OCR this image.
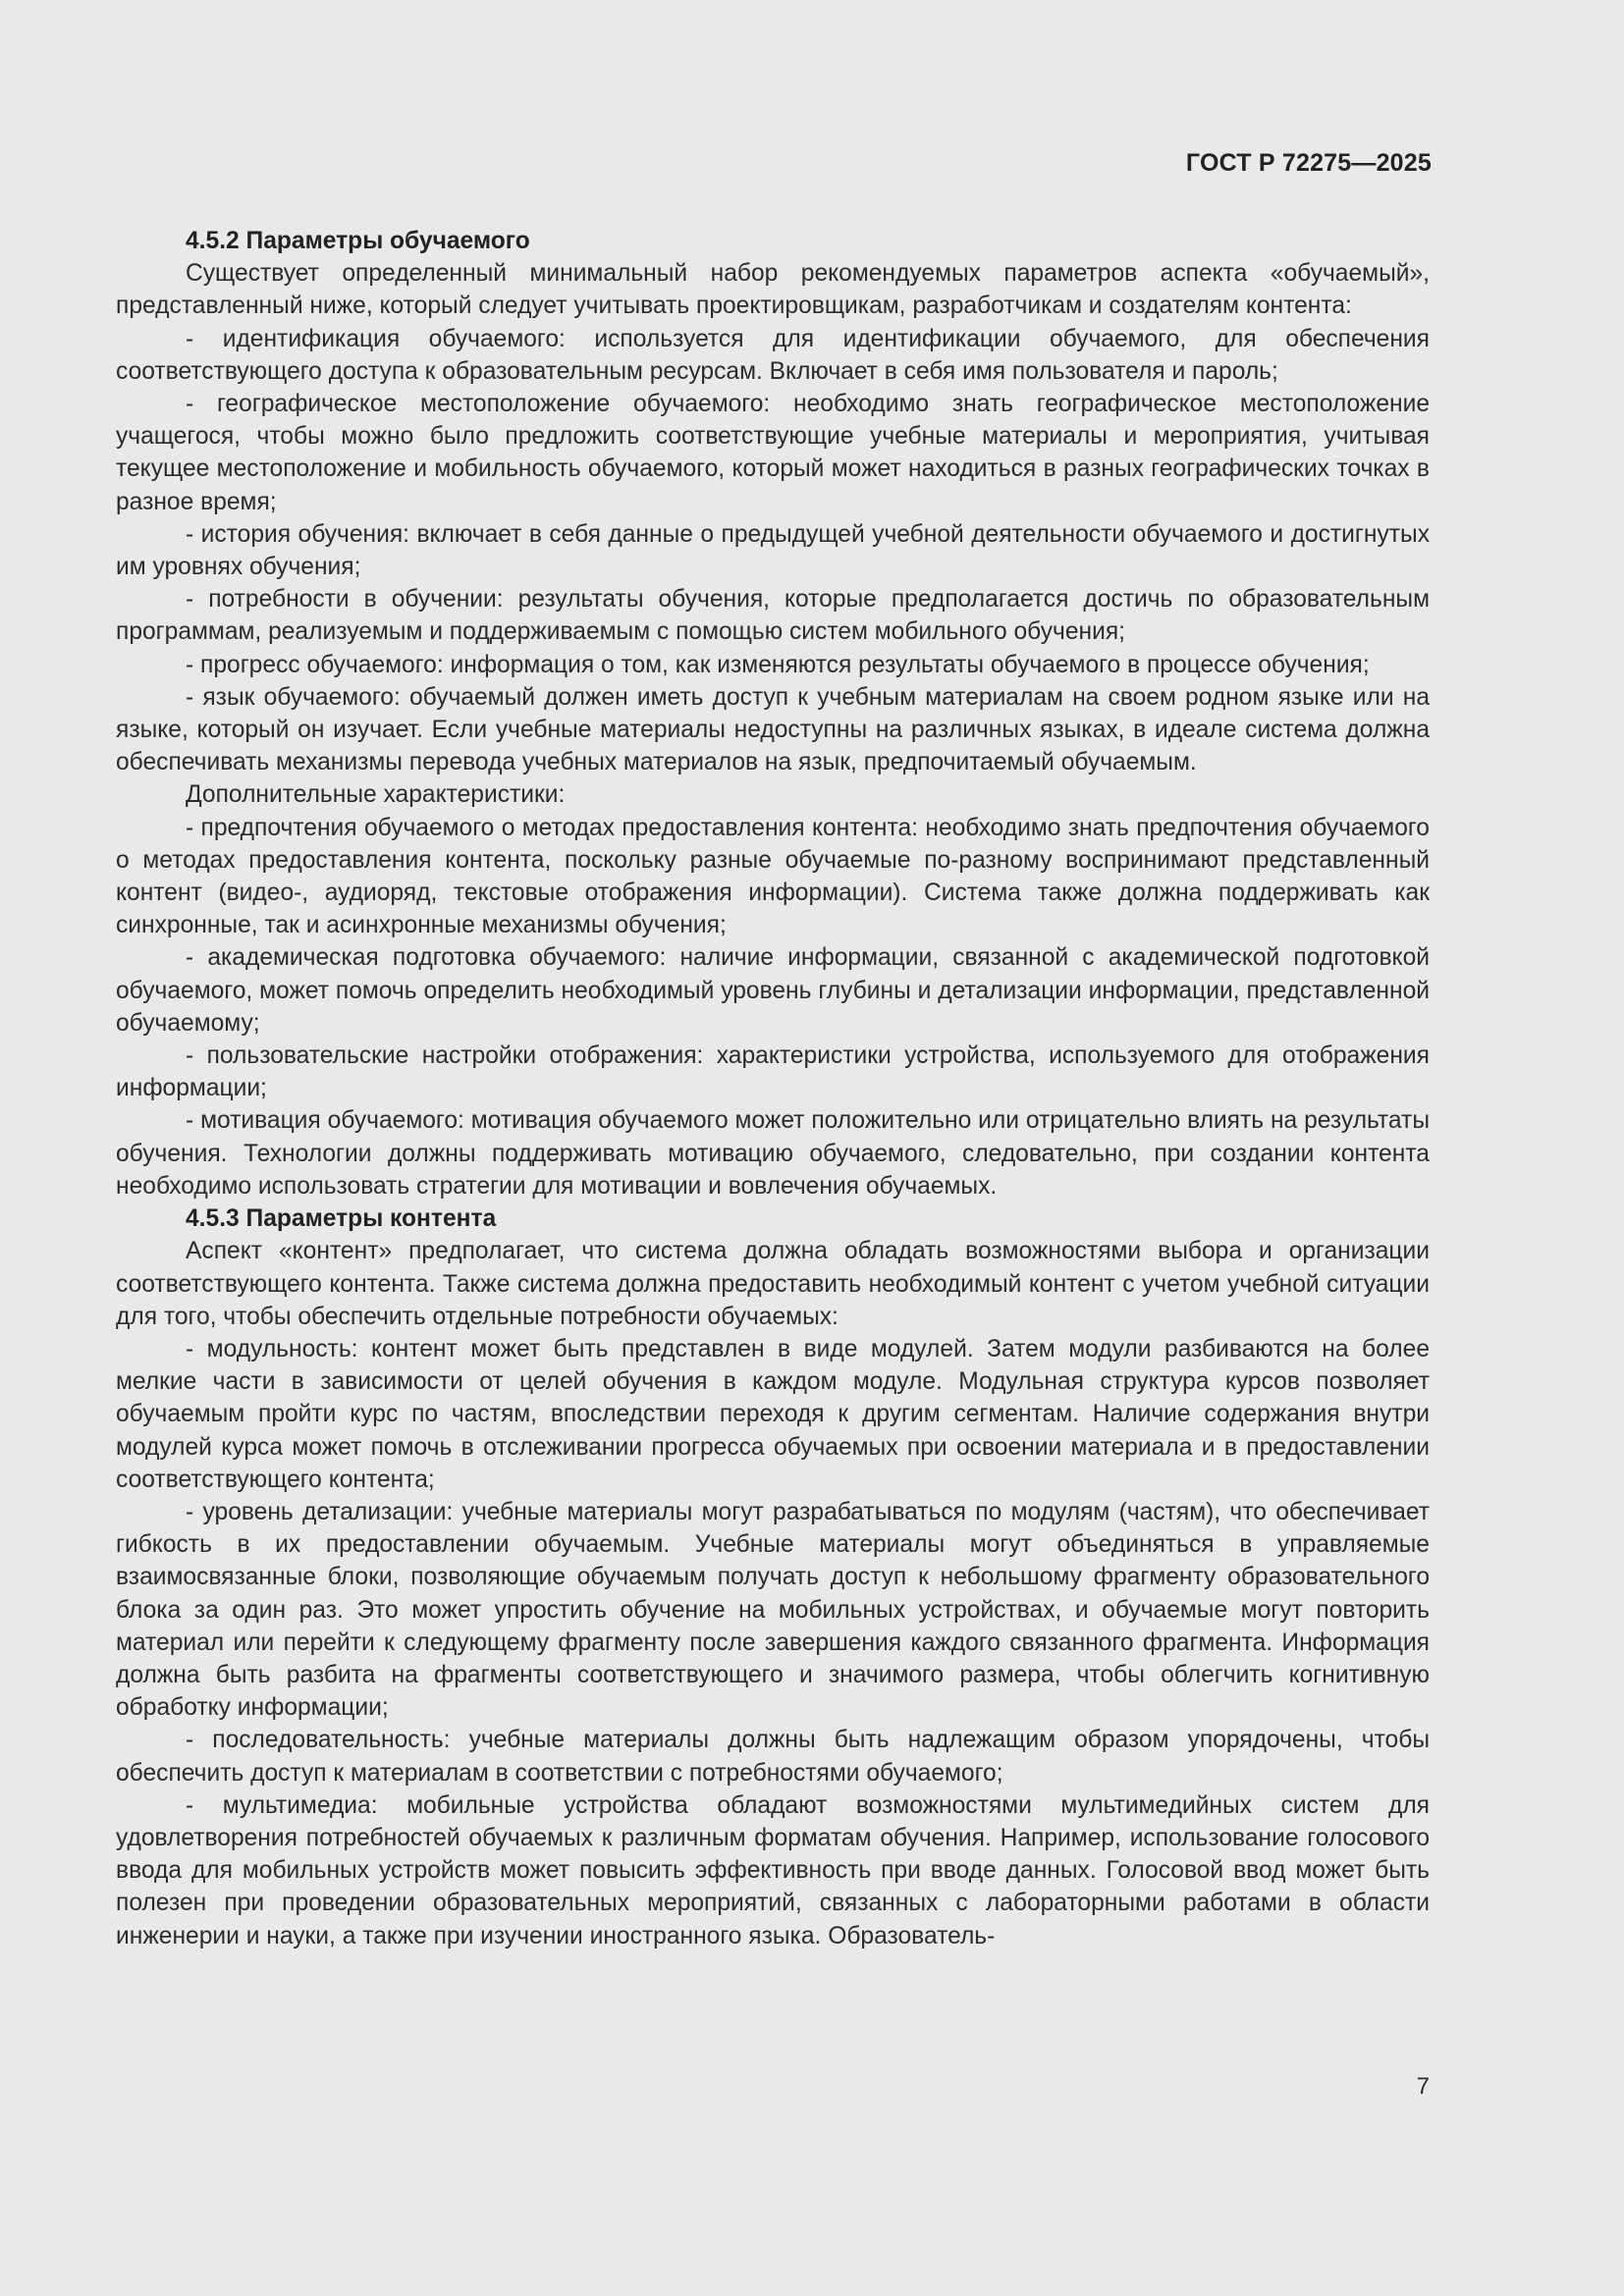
ГОСТ Р 72275—2025

4.5.2 Параметры обучаемого

Существует определенный минимальный набор рекомендуемых параметров аспекта «обучаемый», представленный ниже, который следует учитывать проектировщикам, разработчикам и создателям контента:

- идентификация обучаемого: используется для идентификации обучаемого, для обеспечения соответствующего доступа к образовательным ресурсам. Включает в себя имя пользователя и пароль;

- географическое местоположение обучаемого: необходимо знать географическое местоположение учащегося, чтобы можно было предложить соответствующие учебные материалы и мероприятия, учитывая текущее местоположение и мобильность обучаемого, который может находиться в разных географических точках в разное время;

- история обучения: включает в себя данные о предыдущей учебной деятельности обучаемого и достигнутых им уровнях обучения;

- потребности в обучении: результаты обучения, которые предполагается достичь по образовательным программам, реализуемым и поддерживаемым с помощью систем мобильного обучения;

- прогресс обучаемого: информация о том, как изменяются результаты обучаемого в процессе обучения;

- язык обучаемого: обучаемый должен иметь доступ к учебным материалам на своем родном языке или на языке, который он изучает. Если учебные материалы недоступны на различных языках, в идеале система должна обеспечивать механизмы перевода учебных материалов на язык, предпочитаемый обучаемым.

Дополнительные характеристики:

- предпочтения обучаемого о методах предоставления контента: необходимо знать предпочтения обучаемого о методах предоставления контента, поскольку разные обучаемые по-разному воспринимают представленный контент (видео-, аудиоряд, текстовые отображения информации). Система также должна поддерживать как синхронные, так и асинхронные механизмы обучения;

- академическая подготовка обучаемого: наличие информации, связанной с академической подготовкой обучаемого, может помочь определить необходимый уровень глубины и детализации информации, представленной обучаемому;

- пользовательские настройки отображения: характеристики устройства, используемого для отображения информации;

- мотивация обучаемого: мотивация обучаемого может положительно или отрицательно влиять на результаты обучения. Технологии должны поддерживать мотивацию обучаемого, следовательно, при создании контента необходимо использовать стратегии для мотивации и вовлечения обучаемых.

4.5.3 Параметры контента

Аспект «контент» предполагает, что система должна обладать возможностями выбора и организации соответствующего контента. Также система должна предоставить необходимый контент с учетом учебной ситуации для того, чтобы обеспечить отдельные потребности обучаемых:

- модульность: контент может быть представлен в виде модулей. Затем модули разбиваются на более мелкие части в зависимости от целей обучения в каждом модуле. Модульная структура курсов позволяет обучаемым пройти курс по частям, впоследствии переходя к другим сегментам. Наличие содержания внутри модулей курса может помочь в отслеживании прогресса обучаемых при освоении материала и в предоставлении соответствующего контента;

- уровень детализации: учебные материалы могут разрабатываться по модулям (частям), что обеспечивает гибкость в их предоставлении обучаемым. Учебные материалы могут объединяться в управляемые взаимосвязанные блоки, позволяющие обучаемым получать доступ к небольшому фрагменту образовательного блока за один раз. Это может упростить обучение на мобильных устройствах, и обучаемые могут повторить материал или перейти к следующему фрагменту после завершения каждого связанного фрагмента. Информация должна быть разбита на фрагменты соответствующего и значимого размера, чтобы облегчить когнитивную обработку информации;

- последовательность: учебные материалы должны быть надлежащим образом упорядочены, чтобы обеспечить доступ к материалам в соответствии с потребностями обучаемого;

- мультимедиа: мобильные устройства обладают возможностями мультимедийных систем для удовлетворения потребностей обучаемых к различным форматам обучения. Например, использование голосового ввода для мобильных устройств может повысить эффективность при вводе данных. Голосовой ввод может быть полезен при проведении образовательных мероприятий, связанных с лабораторными работами в области инженерии и науки, а также при изучении иностранного языка. Образователь-

7
